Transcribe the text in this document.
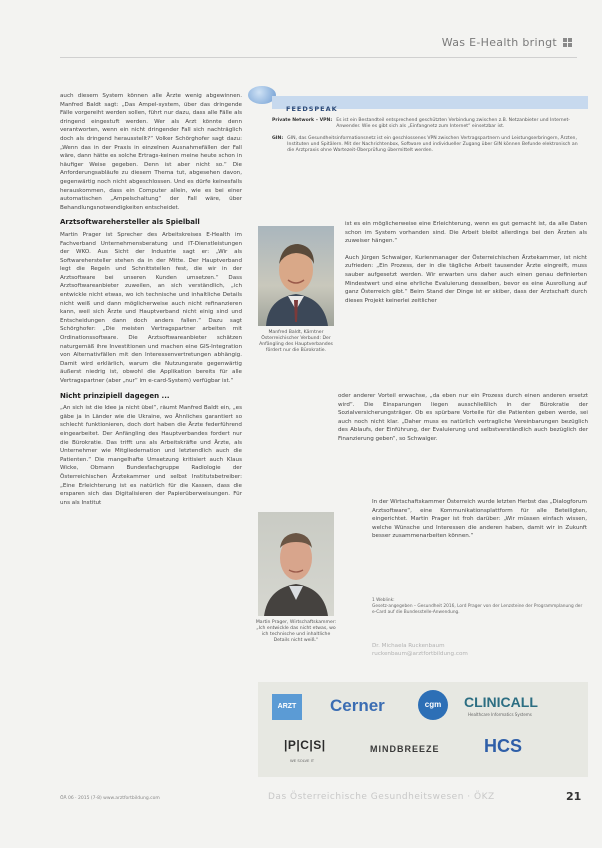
Was E-Health bringt

auch diesem System können alle Ärzte wenig abgewinnen. Manfred Baldt sagt: „Das Ampel-system, über das dringende Fälle vorgereiht werden sollen, führt nur dazu, dass alle Fälle als dringend eingestuft werden. Wer als Arzt könnte denn verantworten, wenn ein nicht dringender Fall sich nachträglich doch als dringend herausstellt?“ Volker Schörghofer sagt dazu: „Wenn das in der Praxis in einzelnen Ausnahmefällen der Fall wäre, dann hätte es solche Ertrags-keinen meine heute schon in häufiger Weise gegeben. Denn ist aber nicht so.“ Die Anforderungsabläufe zu diesem Thema tut, abgesehen davon, gegenwärtig noch nicht abgeschlossen. Und es dürfe keinesfalls herauskommen, dass ein Computer allein, wie es bei einer automatischen „Ampelschaltung“ der Fall wäre, über Behandlungsnotwendigkeiten entscheidet.

Arztsoftwarehersteller als Spielball

Martin Prager ist Sprecher des Arbeitskreises E-Health im Fachverband Unternehmensberatung und IT-Dienstleistungen der WKO. Aus Sicht der Industrie sagt er: „Wir als Softwarehersteller stehen da in der Mitte. Der Hauptverband legt die Regeln und Schnittstellen fest, die wir in der Arztsoftware bei unseren Kunden umsetzen.“ Dass Arztsoftwareanbieter zuweilen, an sich verständlich, „ich entwickle nicht etwas, wo ich technische und inhaltliche Details nicht weiß und dann möglicherweise auch nicht refinanzieren kann, weil sich Ärzte und Hauptverband nicht einig sind und Entscheidungen dann doch anders fallen.“ Dazu sagt Schörghofer: „Die meisten Vertragspartner arbeiten mit Ordinationssoftware. Die Arztsoftwareanbieter schätzen naturgemäß ihre Investitionen und machen eine GIS-Integration von Alternativfällen mit den Interessenvertretungen abhängig. Damit wird erklärlich, warum die Nutzungsrate gegenwärtig äußerst niedrig ist, obwohl die Applikation bereits für alle Vertragspartner (aber „nur“ im e-card-System) verfügbar ist.“

Nicht prinzipiell dagegen ...

„An sich ist die Idee ja nicht übel“, räumt Manfred Baldt ein, „es gäbe ja in Länder wie die Ukraine, wo Ähnliches garantiert so schlecht funktionieren, doch dort haben die Ärzte federführend eingearbeitet. Der Anfängling des Hauptverbandes fordert nur die Bürokratie. Das trifft uns als Arbeitskräfte und Ärzte, als Unternehmer wie Mitgliedernation und letztendlich auch die Patienten.“ Die mangelhafte Umsetzung kritisiert auch Klaus Wicke, Obmann Bundesfachgruppe Radiologie der Österreichischen Ärztekammer und selbst Institutsbetreiber: „Eine Erleichterung ist es natürlich für die Kassen, dass die ersparen sich das Digitalisieren der Papierüberweisungen. Für uns als Institut

FEEDSPEAK
Private Network – VPN: Es ist ein Bestandteil entsprechend geschützten Verbindung zwischen z.B. Netzanbieter und Internet-Anwender. Wie es gibt sich als „Einfangnetz zum Internet“ einsetzbar ist.
GIN: GIN, das Gesundheitsinformationsnetz ist ein geschlossenes VPN zwischen Vertragspartnern und Leistungserbringern, Ärzten, Instituten und Spitälern. Mit der Nachrichtenbox, Software und individueller Zugang über GIN können Befunde elektronisch an die Arztpraxis ohne Wartezeit-Überprüfung übermittelt werden.
Manfred Baldt, Kärntner Österreichischer Verbund: Der Anfängling des Hauptverbandes fördert nur die Bürokratie.

ist es ein möglicherweise eine Erleichterung, wenn es gut gemacht ist, da alle Daten schon im System vorhanden sind. Die Arbeit bleibt allerdings bei den Ärzten als zuweiser hängen.“

Auch Jürgen Schwaiger, Kurienmanager der Österreichischen Ärztekammer, ist nicht zufrieden: „Ein Prozess, der in die tägliche Arbeit tausender Ärzte eingreift, muss sauber aufgesetzt werden. Wir erwarten uns daher auch einen genau definierten Mindestwert und eine ehrliche Evaluierung desselben, bevor es eine Ausrollung auf ganz Österreich gibt.“ Beim Stand der Dinge ist er skiber, dass der Arztschaft durch dieses Projekt keinerlei zeitlicher

oder anderer Vorteil erwachse, „da eben nur ein Prozess durch einen anderen ersetzt wird“. Die Einsparungen liegen ausschließlich in der Bürokratie der Sozialversicherungsträger. Ob es spürbare Vorteile für die Patienten geben werde, sei auch noch nicht klar. „Daher muss es natürlich vertragliche Vereinbarungen bezüglich des Ablaufs, der Einführung, der Evaluierung und selbstverständlich auch bezüglich der Finanzierung geben“, so Schwaiger.

Martin Prager, Wirtschaftskammer: „Ich entwickle das nicht etwas, wo ich technische und inhaltliche Details nicht weiß.“

In der Wirtschaftskammer Österreich wurde letzten Herbst das „Dialogforum Arztsoftware“, eine Kommunikationsplattform für alle Beteiligten, eingerichtet. Martin Prager ist froh darüber: „Wir müssen einfach wissen, welche Wünsche und Interessen die anderen haben, damit wir in Zukunft besser zusammenarbeiten können.“

1 Weblink:
Gesetz-angegeben – Gesundheit 2016, Lord Prager von der Lenzsteine der Programmplanung der e-Card auf die Bundesstelle-Anwendung.
Dr. Michaela Ruckenbaum
ruckenbaum@arztfortbildung.com
ARZT	Cerner	cgm	CLINICALL
Healthcare Informatics Systems
|P|C|S|
WE SOLVE IT
MINDBREEZE HCS
ÖÄ 06 · 2015 (7-8) www.arztfortbildung.com	Das Österreichische Gesundheitswesen · ÖKZ	21
